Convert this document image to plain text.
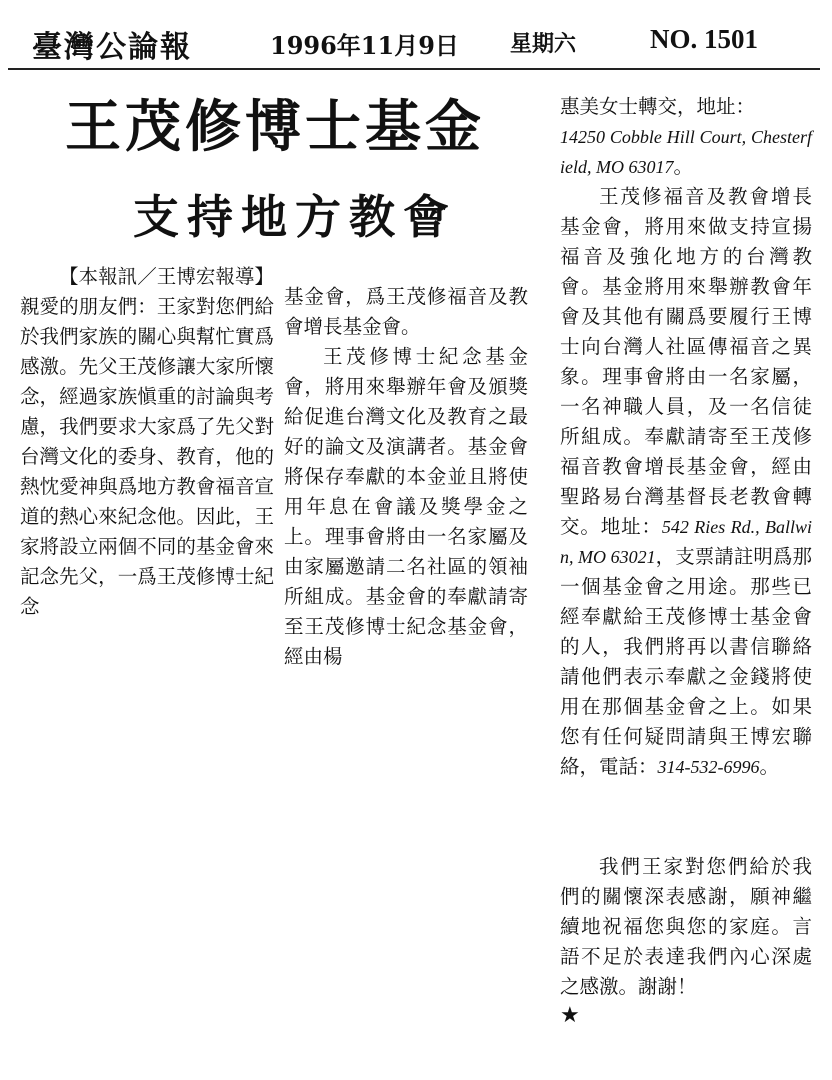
臺灣公論報	1996年11月9日 星期六	NO. 1501
王茂修博士基金
支持地方教會

【本報訊／王博宏報導】親愛的朋友們：王家對您們給於我們家族的關心與幫忙實爲感激。先父王茂修讓大家所懷念，經過家族愼重的討論與考慮，我們要求大家爲了先父對台灣文化的委身、教育，他的熱忱愛神與爲地方教會福音宣道的熱心來紀念他。因此，王家將設立兩個不同的基金會來記念先父，一爲王茂修博士紀念

基金會，爲王茂修福音及教會增長基金會。

王茂修博士紀念基金會，將用來舉辦年會及頒獎給促進台灣文化及教育之最好的論文及演講者。基金會將保存奉獻的本金並且將使用年息在會議及獎學金之上。理事會將由一名家屬及由家屬邀請二名社區的領袖所組成。基金會的奉獻請寄至王茂修博士紀念基金會，經由楊

惠美女士轉交，地址：
14250 Cobble Hill Court, Chesterfield, MO 63017。

王茂修福音及教會增長基金會，將用來做支持宣揚福音及強化地方的台灣教會。基金將用來舉辦教會年會及其他有關爲要履行王博士向台灣人社區傳福音之異象。理事會將由一名家屬，一名神職人員，及一名信徒所組成。奉獻請寄至王茂修福音教會增長基金會，經由聖路易台灣基督長老教會轉交。地址：542 Ries Rd., Ballwin, MO 63021，支票請註明爲那一個基金會之用途。那些已經奉獻給王茂修博士基金會的人，我們將再以書信聯絡請他們表示奉獻之金錢將使用在那個基金會之上。如果您有任何疑問請與王博宏聯絡，電話：314-532-6996。

我們王家對您們給於我們的關懷深表感謝，願神繼續地祝福您與您的家庭。言語不足於表達我們內心深處之感激。謝謝！

★
